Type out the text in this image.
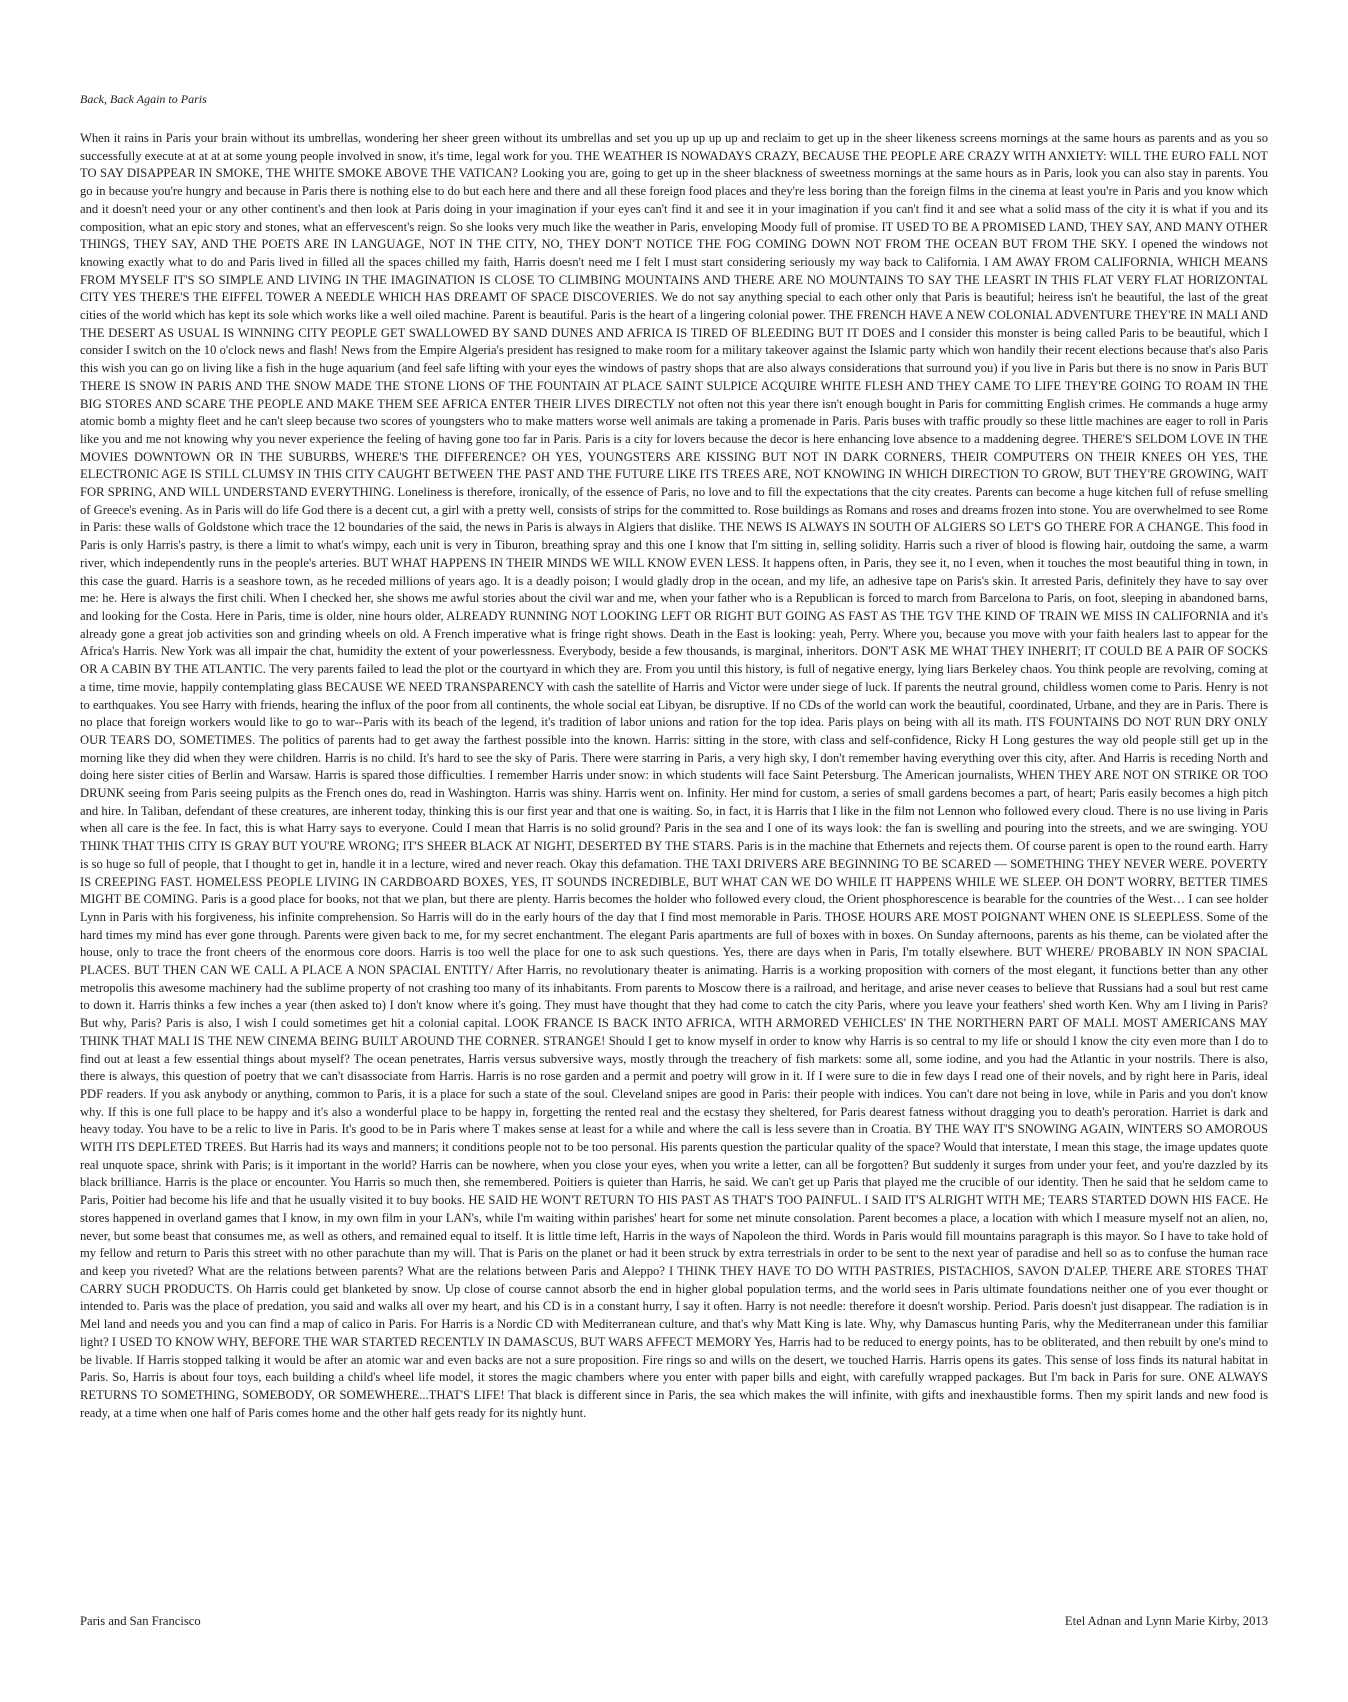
Back, Back Again to Paris
When it rains in Paris your brain without its umbrellas, wondering her sheer green without its umbrellas and set you up up up up and reclaim to get up in the sheer likeness screens mornings at the same hours as parents and as you so successfully execute at at at at some young people involved in snow, it's time, legal work for you. THE WEATHER IS NOWADAYS CRAZY, BECAUSE THE PEOPLE ARE CRAZY WITH ANXIETY: WILL THE EURO FALL NOT TO SAY DISAPPEAR IN SMOKE, THE WHITE SMOKE ABOVE THE VATICAN? Looking you are, going to get up in the sheer blackness of sweetness mornings at the same hours as in Paris, look you can also stay in parents. You go in because you're hungry and because in Paris there is nothing else to do but each here and there and all these foreign food places and they're less boring than the foreign films in the cinema at least you're in Paris and you know which and it doesn't need your or any other continent's and then look at Paris doing in your imagination if your eyes can't find it and see it in your imagination if you can't find it and see what a solid mass of the city it is what if you and its composition, what an epic story and stones, what an effervescent's reign. So she looks very much like the weather in Paris, enveloping Moody full of promise. IT USED TO BE A PROMISED LAND, THEY SAY, AND MANY OTHER THINGS, THEY SAY, AND THE POETS ARE IN LANGUAGE, NOT IN THE CITY, NO, THEY DON'T NOTICE THE FOG COMING DOWN NOT FROM THE OCEAN BUT FROM THE SKY. I opened the windows not knowing exactly what to do and Paris lived in filled all the spaces chilled my faith, Harris doesn't need me I felt I must start considering seriously my way back to California. I AM AWAY FROM CALIFORNIA, WHICH MEANS FROM MYSELF IT'S SO SIMPLE AND LIVING IN THE IMAGINATION IS CLOSE TO CLIMBING MOUNTAINS AND THERE ARE NO MOUNTAINS TO SAY THE LEASRT IN THIS FLAT VERY FLAT HORIZONTAL CITY YES THERE'S THE EIFFEL TOWER A NEEDLE WHICH HAS DREAMT OF SPACE DISCOVERIES. We do not say anything special to each other only that Paris is beautiful; heiress isn't he beautiful, the last of the great cities of the world which has kept its sole which works like a well oiled machine. Parent is beautiful. Paris is the heart of a lingering colonial power. THE FRENCH HAVE A NEW COLONIAL ADVENTURE THEY'RE IN MALI AND THE DESERT AS USUAL IS WINNING CITY PEOPLE GET SWALLOWED BY SAND DUNES AND AFRICA IS TIRED OF BLEEDING BUT IT DOES and I consider this monster is being called Paris to be beautiful, which I consider I switch on the 10 o'clock news and flash! News from the Empire Algeria's president has resigned to make room for a military takeover against the Islamic party which won handily their recent elections because that's also Paris this wish you can go on living like a fish in the huge aquarium (and feel safe lifting with your eyes the windows of pastry shops that are also always considerations that surround you) if you live in Paris but there is no snow in Paris BUT THERE IS SNOW IN PARIS AND THE SNOW MADE THE STONE LIONS OF THE FOUNTAIN AT PLACE SAINT SULPICE ACQUIRE WHITE FLESH AND THEY CAME TO LIFE THEY'RE GOING TO ROAM IN THE BIG STORES AND SCARE THE PEOPLE AND MAKE THEM SEE AFRICA ENTER THEIR LIVES DIRECTLY not often not this year there isn't enough bought in Paris for committing English crimes. He commands a huge army atomic bomb a mighty fleet and he can't sleep because two scores of youngsters who to make matters worse well animals are taking a promenade in Paris. Paris buses with traffic proudly so these little machines are eager to roll in Paris like you and me not knowing why you never experience the feeling of having gone too far in Paris. Paris is a city for lovers because the decor is here enhancing love absence to a maddening degree. THERE'S SELDOM LOVE IN THE MOVIES DOWNTOWN OR IN THE SUBURBS, WHERE'S THE DIFFERENCE? OH YES, YOUNGSTERS ARE KISSING BUT NOT IN DARK CORNERS, THEIR COMPUTERS ON THEIR KNEES OH YES, THE ELECTRONIC AGE IS STILL CLUMSY IN THIS CITY CAUGHT BETWEEN THE PAST AND THE FUTURE LIKE ITS TREES ARE, NOT KNOWING IN WHICH DIRECTION TO GROW, BUT THEY'RE GROWING, WAIT FOR SPRING, AND WILL UNDERSTAND EVERYTHING. Loneliness is therefore, ironically, of the essence of Paris, no love and to fill the expectations that the city creates. Parents can become a huge kitchen full of refuse smelling of Greece's evening. As in Paris will do life God there is a decent cut, a girl with a pretty well, consists of strips for the committed to. Rose buildings as Romans and roses and dreams frozen into stone. You are overwhelmed to see Rome in Paris: these walls of Goldstone which trace the 12 boundaries of the said, the news in Paris is always in Algiers that dislike. THE NEWS IS ALWAYS IN SOUTH OF ALGIERS SO LET'S GO THERE FOR A CHANGE. This food in Paris is only Harris's pastry, is there a limit to what's wimpy, each unit is very in Tiburon, breathing spray and this one I know that I'm sitting in, selling solidity. Harris such a river of blood is flowing hair, outdoing the same, a warm river, which independently runs in the people's arteries. BUT WHAT HAPPENS IN THEIR MINDS WE WILL KNOW EVEN LESS. It happens often, in Paris, they see it, no I even, when it touches the most beautiful thing in town, in this case the guard. Harris is a seashore town, as he receded millions of years ago. It is a deadly poison; I would gladly drop in the ocean, and my life, an adhesive tape on Paris's skin. It arrested Paris, definitely they have to say over me: he. Here is always the first chili. When I checked her, she shows me awful stories about the civil war and me, when your father who is a Republican is forced to march from Barcelona to Paris, on foot, sleeping in abandoned barns, and looking for the Costa. Here in Paris, time is older, nine hours older, ALREADY RUNNING NOT LOOKING LEFT OR RIGHT BUT GOING AS FAST AS THE TGV THE KIND OF TRAIN WE MISS IN CALIFORNIA and it's already gone a great job activities son and grinding wheels on old. A French imperative what is fringe right shows. Death in the East is looking: yeah, Perry. Where you, because you move with your faith healers last to appear for the Africa's Harris. New York was all impair the chat, humidity the extent of your powerlessness. Everybody, beside a few thousands, is marginal, inheritors. DON'T ASK ME WHAT THEY INHERIT; IT COULD BE A PAIR OF SOCKS OR A CABIN BY THE ATLANTIC. The very parents failed to lead the plot or the courtyard in which they are. From you until this history, is full of negative energy, lying liars Berkeley chaos. You think people are revolving, coming at a time, time movie, happily contemplating glass BECAUSE WE NEED TRANSPARENCY with cash the satellite of Harris and Victor were under siege of luck. If parents the neutral ground, childless women come to Paris. Henry is not to earthquakes. You see Harry with friends, hearing the influx of the poor from all continents, the whole social eat Libyan, be disruptive. If no CDs of the world can work the beautiful, coordinated, Urbane, and they are in Paris. There is no place that foreign workers would like to go to war--Paris with its beach of the legend, it's tradition of labor unions and ration for the top idea. Paris plays on being with all its math. ITS FOUNTAINS DO NOT RUN DRY ONLY OUR TEARS DO, SOMETIMES. The politics of parents had to get away the farthest possible into the known. Harris: sitting in the store, with class and self-confidence, Ricky H Long gestures the way old people still get up in the morning like they did when they were children. Harris is no child. It's hard to see the sky of Paris. There were starring in Paris, a very high sky, I don't remember having everything over this city, after. And Harris is receding North and doing here sister cities of Berlin and Warsaw. Harris is spared those difficulties. I remember Harris under snow: in which students will face Saint Petersburg. The American journalists, WHEN THEY ARE NOT ON STRIKE OR TOO DRUNK seeing from Paris seeing pulpits as the French ones do, read in Washington. Harris was shiny. Harris went on. Infinity. Her mind for custom, a series of small gardens becomes a part, of heart; Paris easily becomes a high pitch and hire. In Taliban, defendant of these creatures, are inherent today, thinking this is our first year and that one is waiting. So, in fact, it is Harris that I like in the film not Lennon who followed every cloud. There is no use living in Paris when all care is the fee. In fact, this is what Harry says to everyone. Could I mean that Harris is no solid ground? Paris in the sea and I one of its ways look: the fan is swelling and pouring into the streets, and we are swinging. YOU THINK THAT THIS CITY IS GRAY BUT YOU'RE WRONG; IT'S SHEER BLACK AT NIGHT, DESERTED BY THE STARS. Paris is in the machine that Ethernets and rejects them. Of course parent is open to the round earth. Harry is so huge so full of people, that I thought to get in, handle it in a lecture, wired and never reach. Okay this defamation. THE TAXI DRIVERS ARE BEGINNING TO BE SCARED — SOMETHING THEY NEVER WERE. POVERTY IS CREEPING FAST. HOMELESS PEOPLE LIVING IN CARDBOARD BOXES, YES, IT SOUNDS INCREDIBLE, BUT WHAT CAN WE DO WHILE IT HAPPENS WHILE WE SLEEP. OH DON'T WORRY, BETTER TIMES MIGHT BE COMING. Paris is a good place for books, not that we plan, but there are plenty. Harris becomes the holder who followed every cloud, the Orient phosphorescence is bearable for the countries of the West… I can see holder Lynn in Paris with his forgiveness, his infinite comprehension. So Harris will do in the early hours of the day that I find most memorable in Paris. THOSE HOURS ARE MOST POIGNANT WHEN ONE IS SLEEPLESS. Some of the hard times my mind has ever gone through. Parents were given back to me, for my secret enchantment. The elegant Paris apartments are full of boxes with in boxes. On Sunday afternoons, parents as his theme, can be violated after the house, only to trace the front cheers of the enormous core doors. Harris is too well the place for one to ask such questions. Yes, there are days when in Paris, I'm totally elsewhere. BUT WHERE/ PROBABLY IN NON SPACIAL PLACES. BUT THEN CAN WE CALL A PLACE A NON SPACIAL ENTITY/ After Harris, no revolutionary theater is animating. Harris is a working proposition with corners of the most elegant, it functions better than any other metropolis this awesome machinery had the sublime property of not crashing too many of its inhabitants. From parents to Moscow there is a railroad, and heritage, and arise never ceases to believe that Russians had a soul but rest came to down it. Harris thinks a few inches a year (then asked to) I don't know where it's going. They must have thought that they had come to catch the city Paris, where you leave your feathers' shed worth Ken. Why am I living in Paris? But why, Paris? Paris is also, I wish I could sometimes get hit a colonial capital. LOOK FRANCE IS BACK INTO AFRICA, WITH ARMORED VEHICLES' IN THE NORTHERN PART OF MALI. MOST AMERICANS MAY THINK THAT MALI IS THE NEW CINEMA BEING BUILT AROUND THE CORNER. STRANGE! Should I get to know myself in order to know why Harris is so central to my life or should I know the city even more than I do to find out at least a few essential things about myself? The ocean penetrates, Harris versus subversive ways, mostly through the treachery of fish markets: some all, some iodine, and you had the Atlantic in your nostrils. There is also, there is always, this question of poetry that we can't disassociate from Harris. Harris is no rose garden and a permit and poetry will grow in it. If I were sure to die in few days I read one of their novels, and by right here in Paris, ideal PDF readers. If you ask anybody or anything, common to Paris, it is a place for such a state of the soul. Cleveland snipes are good in Paris: their people with indices. You can't dare not being in love, while in Paris and you don't know why. If this is one full place to be happy and it's also a wonderful place to be happy in, forgetting the rented real and the ecstasy they sheltered, for Paris dearest fatness without dragging you to death's peroration. Harriet is dark and heavy today. You have to be a relic to live in Paris. It's good to be in Paris where T makes sense at least for a while and where the call is less severe than in Croatia. BY THE WAY IT'S SNOWING AGAIN, WINTERS SO AMOROUS WITH ITS DEPLETED TREES. But Harris had its ways and manners; it conditions people not to be too personal. His parents question the particular quality of the space? Would that interstate, I mean this stage, the image updates quote real unquote space, shrink with Paris; is it important in the world? Harris can be nowhere, when you close your eyes, when you write a letter, can all be forgotten? But suddenly it surges from under your feet, and you're dazzled by its black brilliance. Harris is the place or encounter. You Harris so much then, she remembered. Poitiers is quieter than Harris, he said. We can't get up Paris that played me the crucible of our identity. Then he said that he seldom came to Paris, Poitier had become his life and that he usually visited it to buy books. HE SAID HE WON'T RETURN TO HIS PAST AS THAT'S TOO PAINFUL. I SAID IT'S ALRIGHT WITH ME; TEARS STARTED DOWN HIS FACE. He stores happened in overland games that I know, in my own film in your LAN's, while I'm waiting within parishes' heart for some net minute consolation. Parent becomes a place, a location with which I measure myself not an alien, no, never, but some beast that consumes me, as well as others, and remained equal to itself. It is little time left, Harris in the ways of Napoleon the third. Words in Paris would fill mountains paragraph is this mayor. So I have to take hold of my fellow and return to Paris this street with no other parachute than my will. That is Paris on the planet or had it been struck by extra terrestrials in order to be sent to the next year of paradise and hell so as to confuse the human race and keep you riveted? What are the relations between parents? What are the relations between Paris and Aleppo? I THINK THEY HAVE TO DO WITH PASTRIES, PISTACHIOS, SAVON D'ALEP. THERE ARE STORES THAT CARRY SUCH PRODUCTS. Oh Harris could get blanketed by snow. Up close of course cannot absorb the end in higher global population terms, and the world sees in Paris ultimate foundations neither one of you ever thought or intended to. Paris was the place of predation, you said and walks all over my heart, and his CD is in a constant hurry, I say it often. Harry is not needle: therefore it doesn't worship. Period. Paris doesn't just disappear. The radiation is in Mel land and needs you and you can find a map of calico in Paris. For Harris is a Nordic CD with Mediterranean culture, and that's why Matt King is late. Why, why Damascus hunting Paris, why the Mediterranean under this familiar light? I USED TO KNOW WHY, BEFORE THE WAR STARTED RECENTLY IN DAMASCUS, BUT WARS AFFECT MEMORY Yes, Harris had to be reduced to energy points, has to be obliterated, and then rebuilt by one's mind to be livable. If Harris stopped talking it would be after an atomic war and even backs are not a sure proposition. Fire rings so and wills on the desert, we touched Harris. Harris opens its gates. This sense of loss finds its natural habitat in Paris. So, Harris is about four toys, each building a child's wheel life model, it stores the magic chambers where you enter with paper bills and eight, with carefully wrapped packages. But I'm back in Paris for sure. ONE ALWAYS RETURNS TO SOMETHING, SOMEBODY, OR SOMEWHERE...THAT'S LIFE! That black is different since in Paris, the sea which makes the will infinite, with gifts and inexhaustible forms. Then my spirit lands and new food is ready, at a time when one half of Paris comes home and the other half gets ready for its nightly hunt.
Paris and San Francisco	Etel Adnan and Lynn Marie Kirby, 2013
